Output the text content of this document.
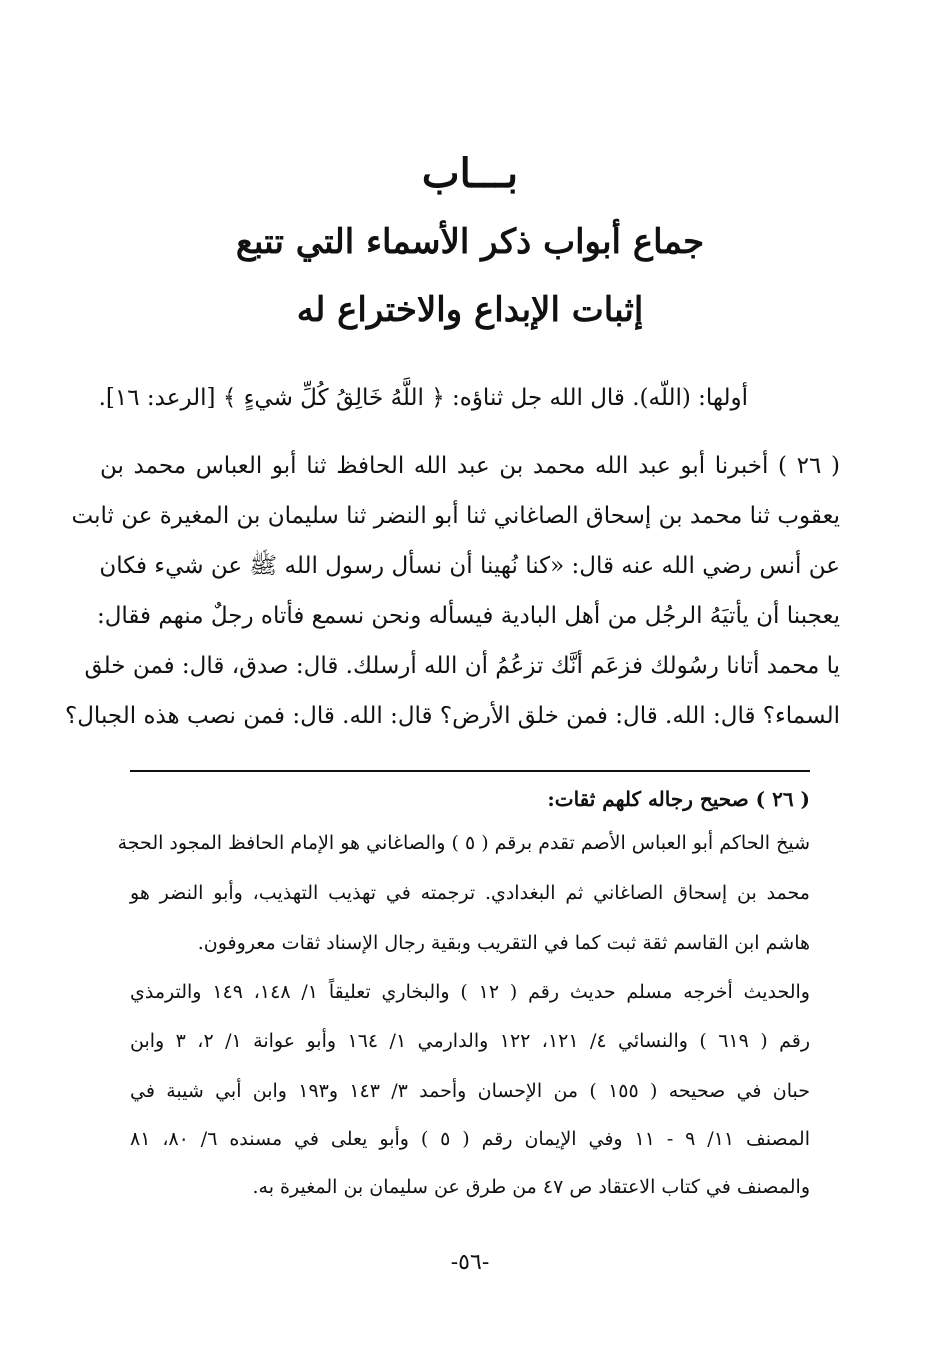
بـــاب
جماع أبواب ذكر الأسماء التي تتبع
إثبات الإبداع والاختراع له
أولها: (اللّه). قال الله جل ثناؤه: ﴿ اللَّهُ خَالِقُ كُلِّ شيءٍ ﴾ [الرعد: ١٦].
( ٢٦ ) أخبرنا أبو عبد الله محمد بن عبد الله الحافظ ثنا أبو العباس محمد بن
يعقوب ثنا محمد بن إسحاق الصاغاني ثنا أبو النضر ثنا سليمان بن المغيرة عن ثابت
عن أنس رضي الله عنه قال: «كنا نُهينا أن نسأل رسول الله ﷺ عن شيء فكان
يعجبنا أن يأتيَهُ الرجُل من أهل البادية فيسأله ونحن نسمع فأتاه رجلٌ منهم فقال:
يا محمد أتانا رسُولك فزعَم أنَّك تزعُمُ أن الله أرسلك. قال: صدق، قال: فمن خلق
السماء؟ قال: الله. قال: فمن خلق الأرض؟ قال: الله. قال: فمن نصب هذه الجبال؟
( ٢٦ ) صحيح رجاله كلهم ثقات:
شيخ الحاكم أبو العباس الأصم تقدم برقم ( ٥ ) والصاغاني هو الإمام الحافظ المجود الحجة
محمد بن إسحاق الصاغاني ثم البغدادي. ترجمته في تهذيب التهذيب، وأبو النضر هو
هاشم ابن القاسم ثقة ثبت كما في التقريب وبقية رجال الإسناد ثقات معروفون.
والحديث أخرجه مسلم حديث رقم ( ١٢ ) والبخاري تعليقاً ١/ ١٤٨، ١٤٩ والترمذي
رقم ( ٦١٩ ) والنسائي ٤/ ١٢١، ١٢٢ والدارمي ١/ ١٦٤ وأبو عوانة ١/ ٢، ٣ وابن
حبان في صحيحه ( ١٥٥ ) من الإحسان وأحمد ٣/ ١٤٣ و١٩٣ وابن أبي شيبة في
المصنف ١١/ ٩ - ١١ وفي الإيمان رقم ( ٥ ) وأبو يعلى في مسنده ٦/ ٨٠، ٨١
والمصنف في كتاب الاعتقاد ص ٤٧ من طرق عن سليمان بن المغيرة به.
-٥٦-
